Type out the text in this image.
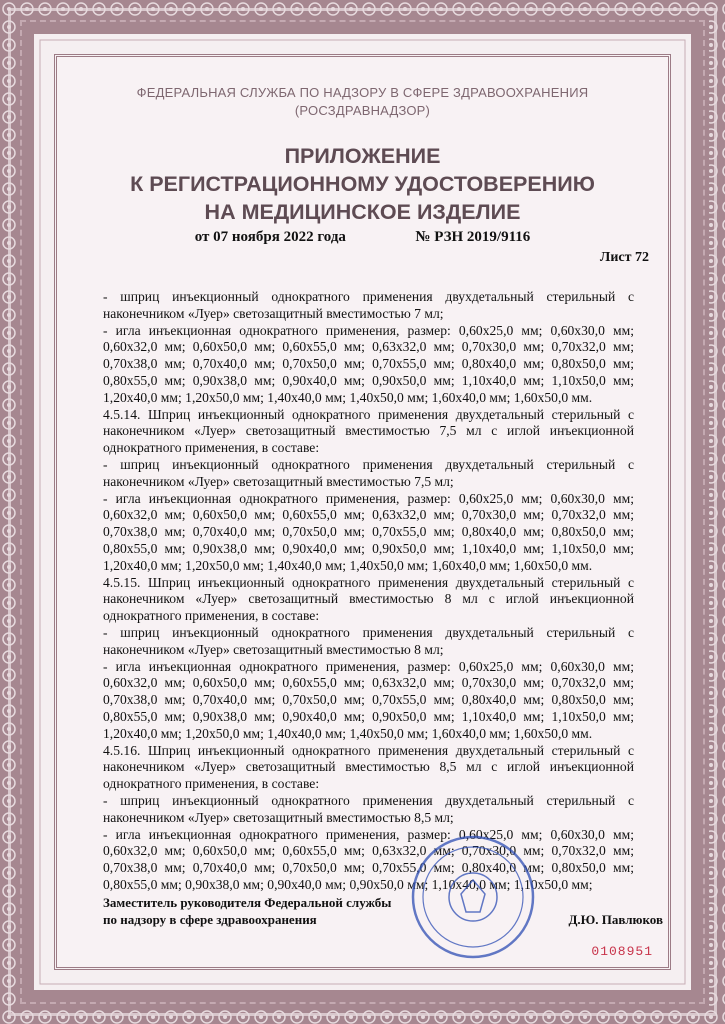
ФЕДЕРАЛЬНАЯ СЛУЖБА ПО НАДЗОРУ В СФЕРЕ ЗДРАВООХРАНЕНИЯ
(РОСЗДРАВНАДЗОР)
ПРИЛОЖЕНИЕ
К РЕГИСТРАЦИОННОМУ УДОСТОВЕРЕНИЮ
НА МЕДИЦИНСКОЕ ИЗДЕЛИЕ
от 07 ноября 2022 года	№ РЗН 2019/9116
Лист 72

- шприц инъекционный однократного применения двухдетальный стерильный с наконечником «Луер» светозащитный вместимостью 7 мл;

- игла инъекционная однократного применения, размер: 0,60x25,0 мм; 0,60x30,0 мм; 0,60x32,0 мм; 0,60x50,0 мм; 0,60x55,0 мм; 0,63x32,0 мм; 0,70x30,0 мм; 0,70x32,0 мм; 0,70x38,0 мм; 0,70x40,0 мм; 0,70x50,0 мм; 0,70x55,0 мм; 0,80x40,0 мм; 0,80x50,0 мм; 0,80x55,0 мм; 0,90x38,0 мм; 0,90x40,0 мм; 0,90x50,0 мм; 1,10x40,0 мм; 1,10x50,0 мм; 1,20x40,0 мм; 1,20x50,0 мм; 1,40x40,0 мм; 1,40x50,0 мм; 1,60x40,0 мм; 1,60x50,0 мм.

4.5.14. Шприц инъекционный однократного применения двухдетальный стерильный с наконечником «Луер» светозащитный вместимостью 7,5 мл с иглой инъекционной однократного применения, в составе:

- шприц инъекционный однократного применения двухдетальный стерильный с наконечником «Луер» светозащитный вместимостью 7,5 мл;

- игла инъекционная однократного применения, размер: 0,60x25,0 мм; 0,60x30,0 мм; 0,60x32,0 мм; 0,60x50,0 мм; 0,60x55,0 мм; 0,63x32,0 мм; 0,70x30,0 мм; 0,70x32,0 мм; 0,70x38,0 мм; 0,70x40,0 мм; 0,70x50,0 мм; 0,70x55,0 мм; 0,80x40,0 мм; 0,80x50,0 мм; 0,80x55,0 мм; 0,90x38,0 мм; 0,90x40,0 мм; 0,90x50,0 мм; 1,10x40,0 мм; 1,10x50,0 мм; 1,20x40,0 мм; 1,20x50,0 мм; 1,40x40,0 мм; 1,40x50,0 мм; 1,60x40,0 мм; 1,60x50,0 мм.

4.5.15. Шприц инъекционный однократного применения двухдетальный стерильный с наконечником «Луер» светозащитный вместимостью 8 мл с иглой инъекционной однократного применения, в составе:

- шприц инъекционный однократного применения двухдетальный стерильный с наконечником «Луер» светозащитный вместимостью 8 мл;

- игла инъекционная однократного применения, размер: 0,60x25,0 мм; 0,60x30,0 мм; 0,60x32,0 мм; 0,60x50,0 мм; 0,60x55,0 мм; 0,63x32,0 мм; 0,70x30,0 мм; 0,70x32,0 мм; 0,70x38,0 мм; 0,70x40,0 мм; 0,70x50,0 мм; 0,70x55,0 мм; 0,80x40,0 мм; 0,80x50,0 мм; 0,80x55,0 мм; 0,90x38,0 мм; 0,90x40,0 мм; 0,90x50,0 мм; 1,10x40,0 мм; 1,10x50,0 мм; 1,20x40,0 мм; 1,20x50,0 мм; 1,40x40,0 мм; 1,40x50,0 мм; 1,60x40,0 мм; 1,60x50,0 мм.

4.5.16. Шприц инъекционный однократного применения двухдетальный стерильный с наконечником «Луер» светозащитный вместимостью 8,5 мл с иглой инъекционной однократного применения, в составе:

- шприц инъекционный однократного применения двухдетальный стерильный с наконечником «Луер» светозащитный вместимостью 8,5 мл;

- игла инъекционная однократного применения, размер: 0,60x25,0 мм; 0,60x30,0 мм; 0,60x32,0 мм; 0,60x50,0 мм; 0,60x55,0 мм; 0,63x32,0 мм; 0,70x30,0 мм; 0,70x32,0 мм; 0,70x38,0 мм; 0,70x40,0 мм; 0,70x50,0 мм; 0,70x55,0 мм; 0,80x40,0 мм; 0,80x50,0 мм; 0,80x55,0 мм; 0,90x38,0 мм; 0,90x40,0 мм; 0,90x50,0 мм; 1,10x40,0 мм; 1,10x50,0 мм;

Заместитель руководителя Федеральной службы
по надзору в сфере здравоохранения	Д.Ю. Павлюков
0108951
